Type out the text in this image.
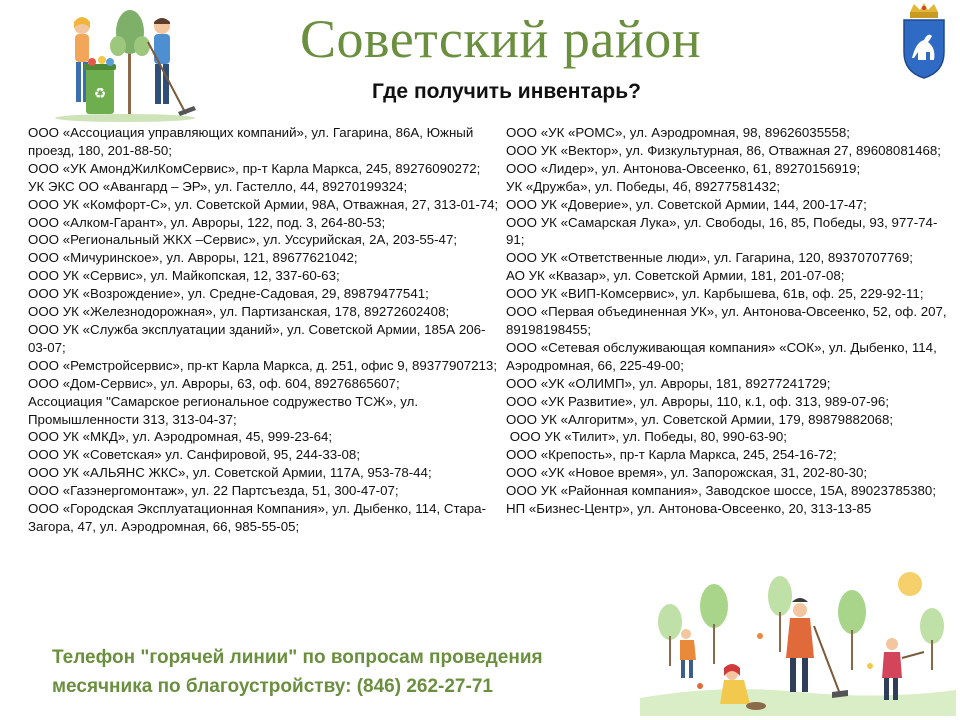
♻
Советский район
Где получить инвентарь?

ООО «Ассоциация управляющих компаний», ул. Гагарина, 86А, Южный проезд, 180, 201-88-50;

ООО «УК АмондЖилКомСервис», пр-т Карла Маркса, 245, 89276090272;

УК ЭКС ОО «Авангард – ЭР», ул. Гастелло, 44, 89270199324;

ООО УК «Комфорт-С», ул. Советской Армии, 98А, Отважная, 27, 313-01-74;

ООО «Алком-Гарант», ул. Авроры, 122, под. 3, 264-80-53;

ООО «Региональный ЖКХ –Сервис», ул. Уссурийская, 2А, 203-55-47;

ООО «Мичуринское», ул. Авроры, 121, 89677621042;

ООО УК «Сервис», ул. Майкопская, 12, 337-60-63;

ООО УК «Возрождение», ул. Средне-Садовая, 29, 89879477541;

ООО УК «Железнодорожная», ул. Партизанская, 178, 89272602408;

ООО УК «Служба эксплуатации зданий», ул. Советской Армии, 185А 206-03-07;

ООО «Ремстройсервис», пр-кт Карла Маркса, д. 251, офис 9, 89377907213;

ООО «Дом-Сервис», ул. Авроры, 63, оф. 604, 89276865607;

Ассоциация "Самарское региональное содружество ТСЖ», ул. Промышленности 313, 313-04-37;

ООО УК «МКД», ул. Аэродромная, 45, 999-23-64;

ООО УК «Советская» ул. Санфировой, 95, 244-33-08;

ООО УК «АЛЬЯНС ЖКС», ул. Советской Армии, 117А, 953-78-44;

ООО «Газэнергомонтаж», ул. 22 Партсъезда, 51, 300-47-07;

ООО «Городская Эксплуатационная Компания», ул. Дыбенко, 114, Стара-Загора, 47, ул. Аэродромная, 66, 985-55-05;

ООО «УК «РОМС», ул. Аэродромная, 98, 89626035558;

ООО УК «Вектор», ул. Физкультурная, 86, Отважная 27, 89608081468;

ООО «Лидер», ул. Антонова-Овсеенко, 61, 89270156919;

УК «Дружба», ул. Победы, 4б, 89277581432;

ООО УК «Доверие», ул. Советской Армии, 144, 200-17-47;

ООО УК «Самарская Лука», ул. Свободы, 16, 85, Победы, 93, 977-74-91;

ООО УК «Ответственные люди», ул. Гагарина, 120, 89370707769;

АО УК «Квазар», ул. Советской Армии, 181, 201-07-08;

ООО УК «ВИП-Комсервис», ул. Карбышева, 61в, оф. 25, 229-92-11;

ООО «Первая объединенная УК», ул. Антонова-Овсеенко, 52, оф. 207, 89198198455;

ООО «Сетевая обслуживающая компания» «СОК», ул. Дыбенко, 114, Аэродромная, 66, 225-49-00;

ООО «УК «ОЛИМП», ул. Авроры, 181, 89277241729;

ООО «УК Развитие», ул. Авроры, 110, к.1, оф. 313, 989-07-96;

ООО УК «Алгоритм», ул. Советской Армии, 179, 89879882068;

ООО УК «Тилит», ул. Победы, 80, 990-63-90;

ООО «Крепость», пр-т Карла Маркса, 245, 254-16-72;

ООО «УК «Новое время», ул. Запорожская, 31, 202-80-30;

ООО УК «Районная компания», Заводское шоссе, 15А, 89023785380;

НП «Бизнес-Центр», ул. Антонова-Овсеенко, 20, 313-13-85

Телефон "горячей линии" по вопросам проведения месячника по благоустройству: (846) 262-27-71
